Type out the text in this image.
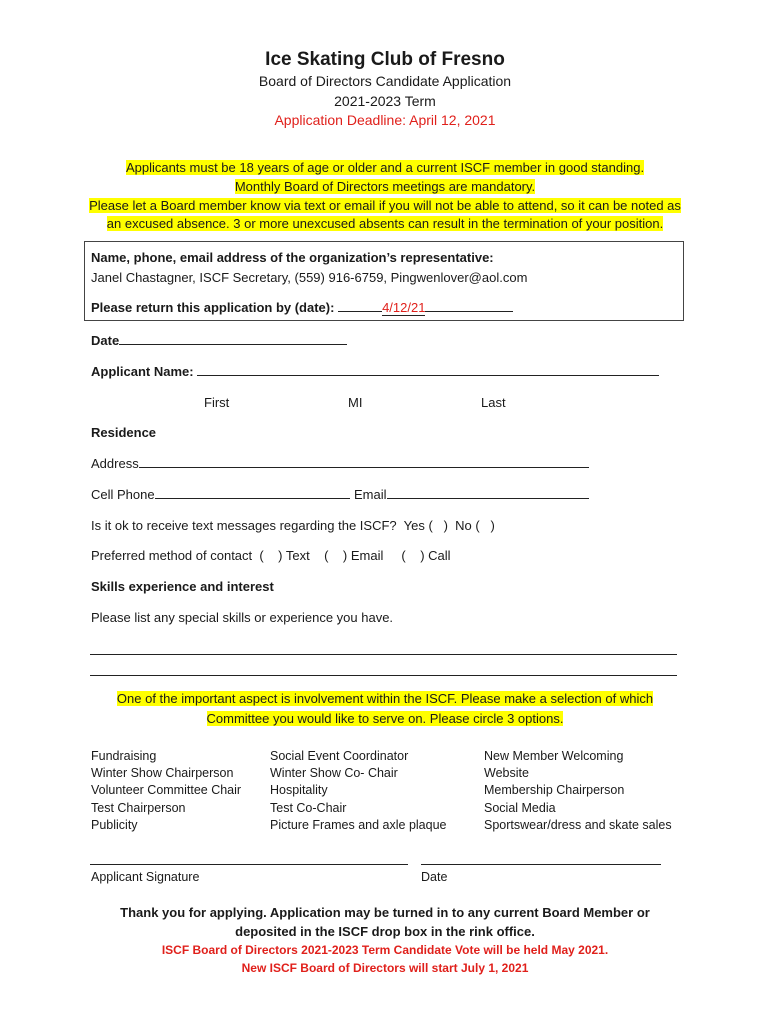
Ice Skating Club of Fresno
Board of Directors Candidate Application
2021-2023 Term
Application Deadline: April 12, 2021
Applicants must be 18 years of age or older and a current ISCF member in good standing.
Monthly Board of Directors meetings are mandatory.
Please let a Board member know via text or email if you will not be able to attend, so it can be noted as
an excused absence. 3 or more unexcused absents can result in the termination of your position.
Name, phone, email address of the organization’s representative:
Janel Chastagner, ISCF Secretary, (559) 916-6759, Pingwenlover@aol.com
Please return this application by (date):	4/12/21
Date
Applicant Name:
First	MI	Last
Residence
Address
Cell Phone	Email
Is it ok to receive text messages regarding the ISCF?  Yes (   )  No (   )
Preferred method of contact  (    ) Text    (    ) Email     (    ) Call
Skills experience and interest
Please list any special skills or experience you have.
One of the important aspect is involvement within the ISCF. Please make a selection of which
Committee you would like to serve on. Please circle 3 options.
Fundraising
Winter Show Chairperson
Volunteer Committee Chair
Test Chairperson
Publicity
Social Event Coordinator
Winter Show Co- Chair
Hospitality
Test Co-Chair
Picture Frames and axle plaque
New Member Welcoming
Website
Membership Chairperson
Social Media
Sportswear/dress and skate sales
Applicant Signature	Date
Thank you for applying. Application may be turned in to any current Board Member or
deposited in the ISCF drop box in the rink office.
ISCF Board of Directors 2021-2023 Term Candidate Vote will be held May 2021.
New ISCF Board of Directors will start July 1, 2021
